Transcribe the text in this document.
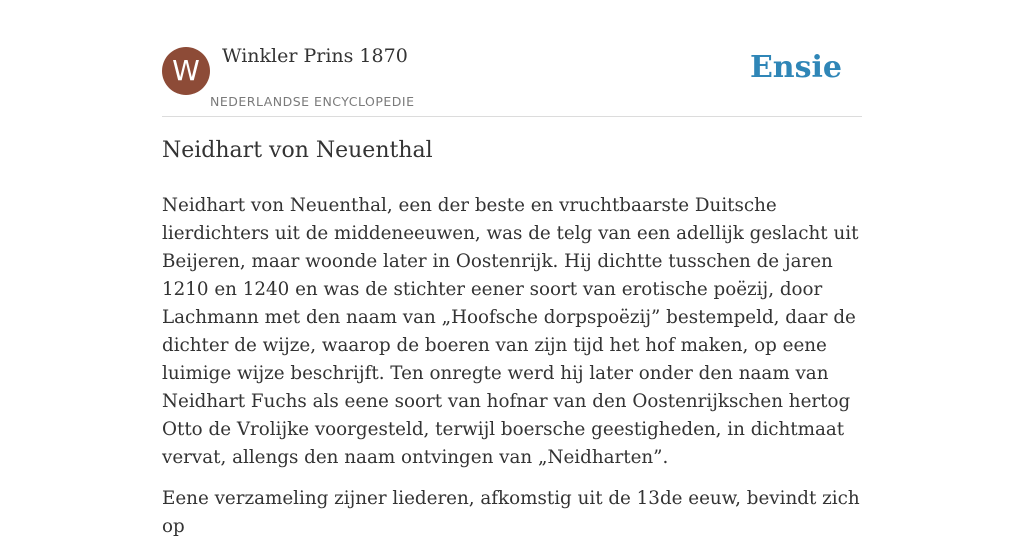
W	Winkler Prins 1870
NEDERLANDSE ENCYCLOPEDIE
Ensie
Neidhart von Neuenthal

Neidhart von Neuenthal, een der beste en vruchtbaarste Duitsche lierdichters uit de middeneeuwen, was de telg van een adellijk geslacht uit Beijeren, maar woonde later in Oostenrijk. Hij dichtte tusschen de jaren 1210 en 1240 en was de stichter eener soort van erotische poëzij, door Lachmann met den naam van „Hoofsche dorpspoëzij” bestempeld, daar de dichter de wijze, waarop de boeren van zijn tijd het hof maken, op eene luimige wijze beschrijft. Ten onregte werd hij later onder den naam van Neidhart Fuchs als eene soort van hofnar van den Oostenrijkschen hertog Otto de Vrolijke voorgesteld, terwijl boersche geestigheden, in dichtmaat vervat, allengs den naam ontvingen van „Neidharten”.

Eene verzameling zijner liederen, afkomstig uit de 13de eeuw, bevindt zich op
